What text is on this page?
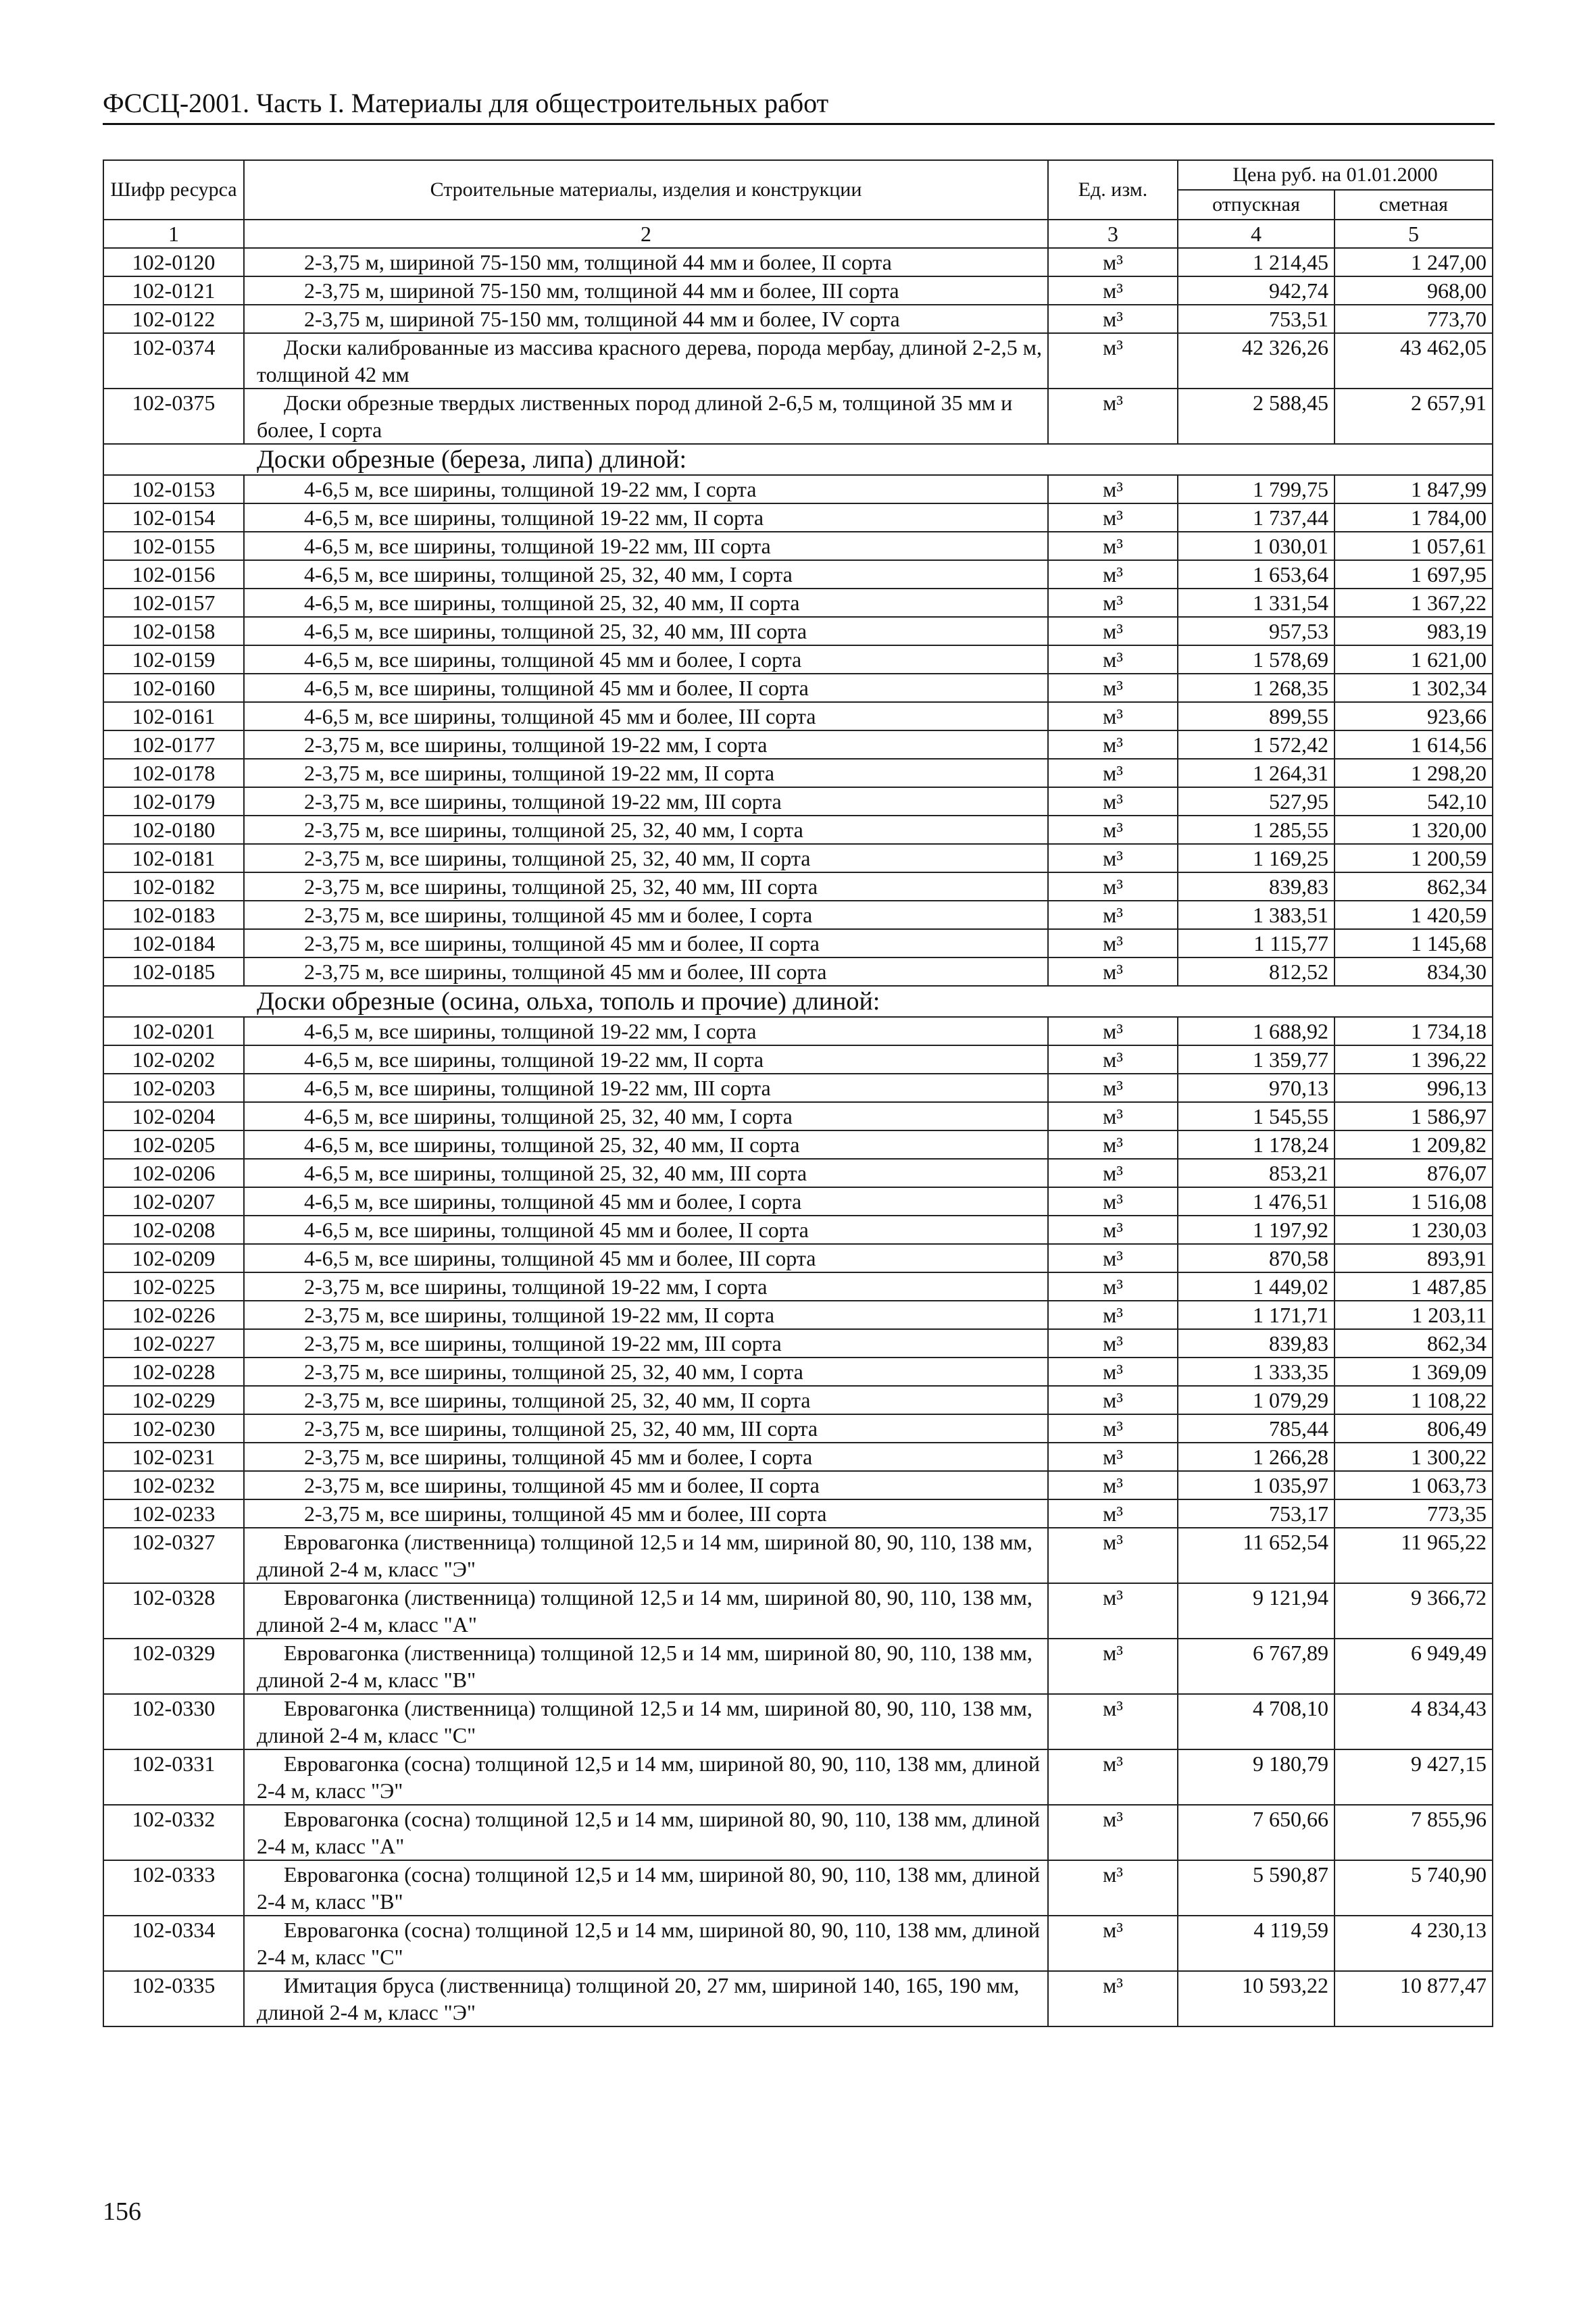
ФССЦ-2001. Часть I. Материалы для общестроительных работ
Шифр ресурса	Строительные материалы, изделия и конструкции	Ед. изм.	Цена руб. на 01.01.2000	
			отпускная	сметная
1	2	3	4	5
102-0120	2-3,75 м, шириной 75-150 мм, толщиной 44 мм и более, II сорта	м³	1 214,45	1 247,00
102-0121	2-3,75 м, шириной 75-150 мм, толщиной 44 мм и более, III сорта	м³	942,74	968,00
102-0122	2-3,75 м, шириной 75-150 мм, толщиной 44 мм и более, IV сорта	м³	753,51	773,70
102-0374	Доски калиброванные из массива красного дерева, порода мербау, длиной 2-2,5 м, толщиной 42 мм	м³	42 326,26	43 462,05
102-0375	Доски обрезные твердых лиственных пород длиной 2-6,5 м, толщиной 35 мм и более, I сорта	м³	2 588,45	2 657,91
Доски обрезные (береза, липа) длиной:				
102-0153	4-6,5 м, все ширины, толщиной 19-22 мм, I сорта	м³	1 799,75	1 847,99
102-0154	4-6,5 м, все ширины, толщиной 19-22 мм, II сорта	м³	1 737,44	1 784,00
102-0155	4-6,5 м, все ширины, толщиной 19-22 мм, III сорта	м³	1 030,01	1 057,61
102-0156	4-6,5 м, все ширины, толщиной 25, 32, 40 мм, I сорта	м³	1 653,64	1 697,95
102-0157	4-6,5 м, все ширины, толщиной 25, 32, 40 мм, II сорта	м³	1 331,54	1 367,22
102-0158	4-6,5 м, все ширины, толщиной 25, 32, 40 мм, III сорта	м³	957,53	983,19
102-0159	4-6,5 м, все ширины, толщиной 45 мм и более, I сорта	м³	1 578,69	1 621,00
102-0160	4-6,5 м, все ширины, толщиной 45 мм и более, II сорта	м³	1 268,35	1 302,34
102-0161	4-6,5 м, все ширины, толщиной 45 мм и более, III сорта	м³	899,55	923,66
102-0177	2-3,75 м, все ширины, толщиной 19-22 мм, I сорта	м³	1 572,42	1 614,56
102-0178	2-3,75 м, все ширины, толщиной 19-22 мм, II сорта	м³	1 264,31	1 298,20
102-0179	2-3,75 м, все ширины, толщиной 19-22 мм, III сорта	м³	527,95	542,10
102-0180	2-3,75 м, все ширины, толщиной 25, 32, 40 мм, I сорта	м³	1 285,55	1 320,00
102-0181	2-3,75 м, все ширины, толщиной 25, 32, 40 мм, II сорта	м³	1 169,25	1 200,59
102-0182	2-3,75 м, все ширины, толщиной 25, 32, 40 мм, III сорта	м³	839,83	862,34
102-0183	2-3,75 м, все ширины, толщиной 45 мм и более, I сорта	м³	1 383,51	1 420,59
102-0184	2-3,75 м, все ширины, толщиной 45 мм и более, II сорта	м³	1 115,77	1 145,68
102-0185	2-3,75 м, все ширины, толщиной 45 мм и более, III сорта	м³	812,52	834,30
Доски обрезные (осина, ольха, тополь и прочие) длиной:				
102-0201	4-6,5 м, все ширины, толщиной 19-22 мм, I сорта	м³	1 688,92	1 734,18
102-0202	4-6,5 м, все ширины, толщиной 19-22 мм, II сорта	м³	1 359,77	1 396,22
102-0203	4-6,5 м, все ширины, толщиной 19-22 мм, III сорта	м³	970,13	996,13
102-0204	4-6,5 м, все ширины, толщиной 25, 32, 40 мм, I сорта	м³	1 545,55	1 586,97
102-0205	4-6,5 м, все ширины, толщиной 25, 32, 40 мм, II сорта	м³	1 178,24	1 209,82
102-0206	4-6,5 м, все ширины, толщиной 25, 32, 40 мм, III сорта	м³	853,21	876,07
102-0207	4-6,5 м, все ширины, толщиной 45 мм и более, I сорта	м³	1 476,51	1 516,08
102-0208	4-6,5 м, все ширины, толщиной 45 мм и более, II сорта	м³	1 197,92	1 230,03
102-0209	4-6,5 м, все ширины, толщиной 45 мм и более, III сорта	м³	870,58	893,91
102-0225	2-3,75 м, все ширины, толщиной 19-22 мм, I сорта	м³	1 449,02	1 487,85
102-0226	2-3,75 м, все ширины, толщиной 19-22 мм, II сорта	м³	1 171,71	1 203,11
102-0227	2-3,75 м, все ширины, толщиной 19-22 мм, III сорта	м³	839,83	862,34
102-0228	2-3,75 м, все ширины, толщиной 25, 32, 40 мм, I сорта	м³	1 333,35	1 369,09
102-0229	2-3,75 м, все ширины, толщиной 25, 32, 40 мм, II сорта	м³	1 079,29	1 108,22
102-0230	2-3,75 м, все ширины, толщиной 25, 32, 40 мм, III сорта	м³	785,44	806,49
102-0231	2-3,75 м, все ширины, толщиной 45 мм и более, I сорта	м³	1 266,28	1 300,22
102-0232	2-3,75 м, все ширины, толщиной 45 мм и более, II сорта	м³	1 035,97	1 063,73
102-0233	2-3,75 м, все ширины, толщиной 45 мм и более, III сорта	м³	753,17	773,35
102-0327	Евровагонка (лиственница) толщиной 12,5 и 14 мм, шириной 80, 90, 110, 138 мм, длиной 2-4 м, класс "Э"	м³	11 652,54	11 965,22
102-0328	Евровагонка (лиственница) толщиной 12,5 и 14 мм, шириной 80, 90, 110, 138 мм, длиной 2-4 м, класс "А"	м³	9 121,94	9 366,72
102-0329	Евровагонка (лиственница) толщиной 12,5 и 14 мм, шириной 80, 90, 110, 138 мм, длиной 2-4 м, класс "В"	м³	6 767,89	6 949,49
102-0330	Евровагонка (лиственница) толщиной 12,5 и 14 мм, шириной 80, 90, 110, 138 мм, длиной 2-4 м, класс "С"	м³	4 708,10	4 834,43
102-0331	Евровагонка (сосна) толщиной 12,5 и 14 мм, шириной 80, 90, 110, 138 мм, длиной 2-4 м, класс "Э"	м³	9 180,79	9 427,15
102-0332	Евровагонка (сосна) толщиной 12,5 и 14 мм, шириной 80, 90, 110, 138 мм, длиной 2-4 м, класс "А"	м³	7 650,66	7 855,96
102-0333	Евровагонка (сосна) толщиной 12,5 и 14 мм, шириной 80, 90, 110, 138 мм, длиной 2-4 м, класс "В"	м³	5 590,87	5 740,90
102-0334	Евровагонка (сосна) толщиной 12,5 и 14 мм, шириной 80, 90, 110, 138 мм, длиной 2-4 м, класс "С"	м³	4 119,59	4 230,13
102-0335	Имитация бруса (лиственница) толщиной 20, 27 мм, шириной 140, 165, 190 мм, длиной 2-4 м, класс "Э"	м³	10 593,22	10 877,47
156
